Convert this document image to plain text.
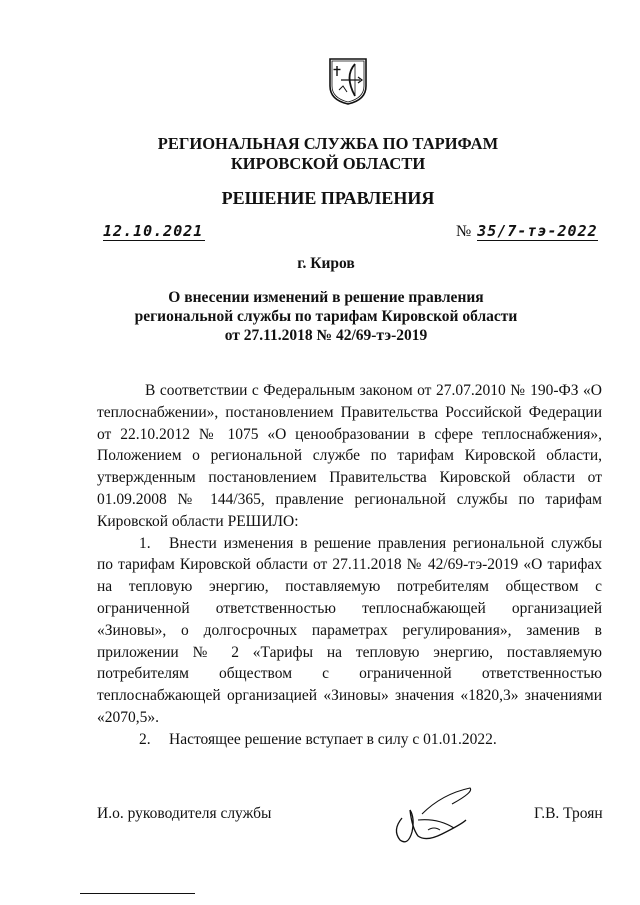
РЕГИОНАЛЬНАЯ СЛУЖБА ПО ТАРИФАМ
КИРОВСКОЙ ОБЛАСТИ
РЕШЕНИЕ ПРАВЛЕНИЯ
12.10.2021	№ 35/7-тэ-2022
г. Киров
О внесении изменений в решение правления
региональной службы по тарифам Кировской области
от 27.11.2018 № 42/69-тэ-2019

В соответствии с Федеральным законом от 27.07.2010 № 190-ФЗ «О теплоснабжении», постановлением Правительства Российской Федерации от 22.10.2012 № 1075 «О ценообразовании в сфере теплоснабжения», Положением о региональной службе по тарифам Кировской области, утвержденным постановлением Правительства Кировской области от 01.09.2008 № 144/365, правление региональной службы по тарифам Кировской области РЕШИЛО:

1. Внести изменения в решение правления региональной службы по тарифам Кировской области от 27.11.2018 № 42/69-тэ-2019 «О тарифах на тепловую энергию, поставляемую потребителям обществом с ограниченной ответственностью теплоснабжающей организацией «Зиновы», о долгосрочных параметрах регулирования», заменив в приложении № 2 «Тарифы на тепловую энергию, поставляемую потребителям обществом с ограниченной ответственностью теплоснабжающей организацией «Зиновы» значения «1820,3» значениями «2070,5».

2. Настоящее решение вступает в силу с 01.01.2022.

И.о. руководителя службы	Г.В. Троян
